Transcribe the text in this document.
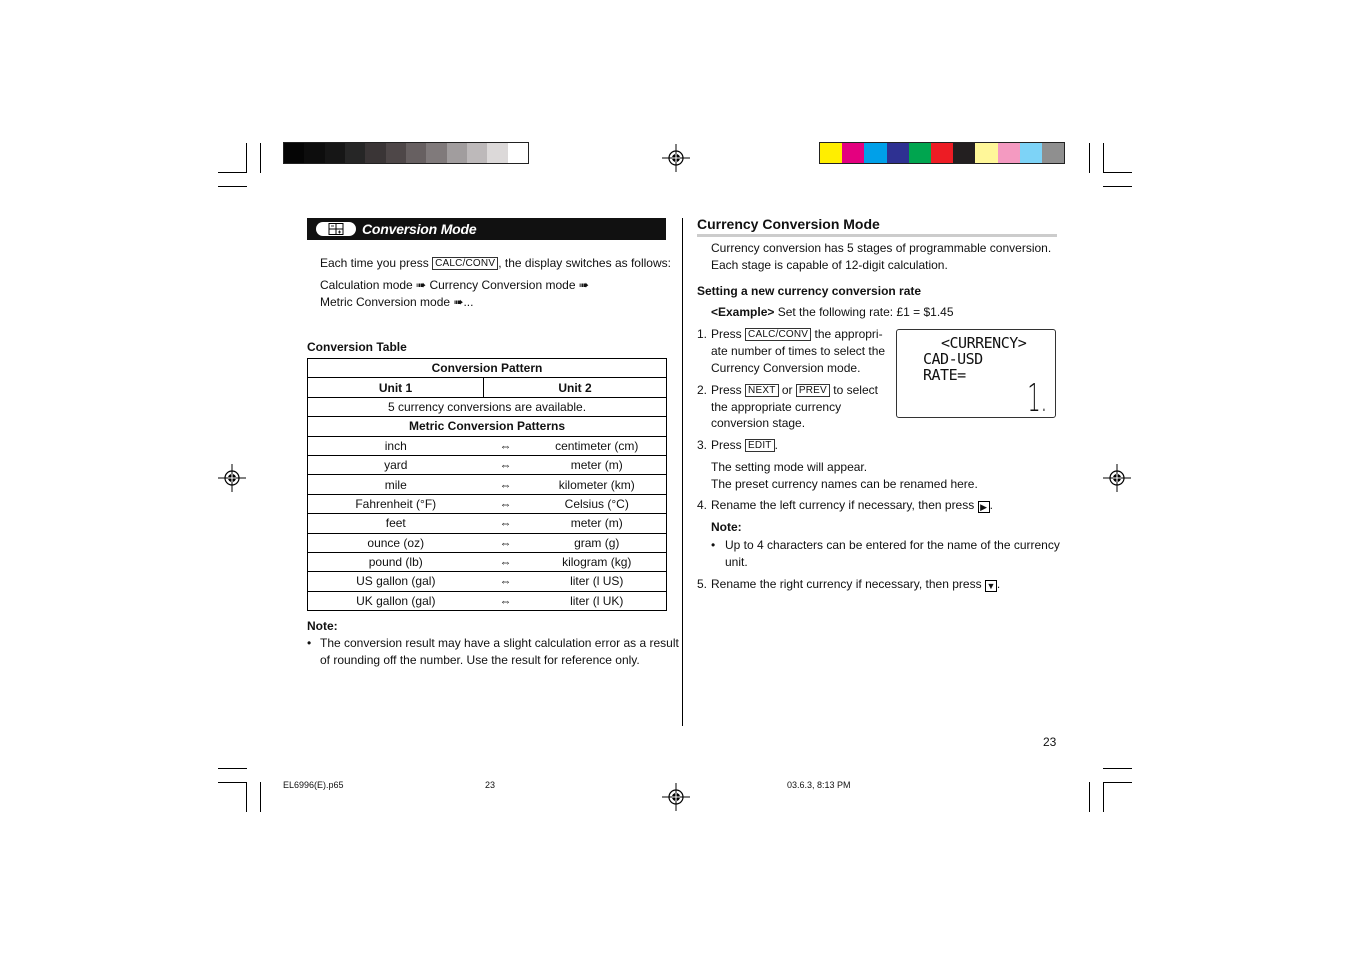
Conversion Mode
Each time you press CALC/CONV , the display switches as follows:
Calculation mode ➠ Currency Conversion mode ➠
Metric Conversion mode ➠...
Conversion Table
Conversion Pattern		
Unit 1	Unit 2	
5 currency conversions are available.		
Metric Conversion Patterns		
inch	⇔	centimeter (cm)
yard	⇔	meter (m)
mile	⇔	kilometer (km)
Fahrenheit (°F)	⇔	Celsius (°C)
feet	⇔	meter (m)
ounce (oz)	⇔	gram (g)
pound (lb)	⇔	kilogram (kg)
US gallon (gal)	⇔	liter (l US)
UK gallon (gal)	⇔	liter (l UK)
Note:
• The conversion result may have a slight calculation error as a result
of rounding off the number. Use the result for reference only.
Currency Conversion Mode
Currency conversion has 5 stages of programmable conversion.
Each stage is capable of 12-digit calculation.
Setting a new currency conversion rate
<Example> Set the following rate: £1 = $1.45
1. Press CALC/CONV the appropri-
ate number of times to select the
Currency Conversion mode.
2. Press NEXT or PREV to select
the appropriate currency
conversion stage.
3. Press EDIT .
The setting mode will appear.
The preset currency names can be renamed here.
4. Rename the left currency if necessary, then press ▶ .
Note:
• Up to 4 characters can be entered for the name of the currency
unit.
5. Rename the right currency if necessary, then press ▼ .
<CURRENCY>
CAD-USD
RATE=
1.
23
EL6996(E).p65	23	03.6.3, 8:13 PM
